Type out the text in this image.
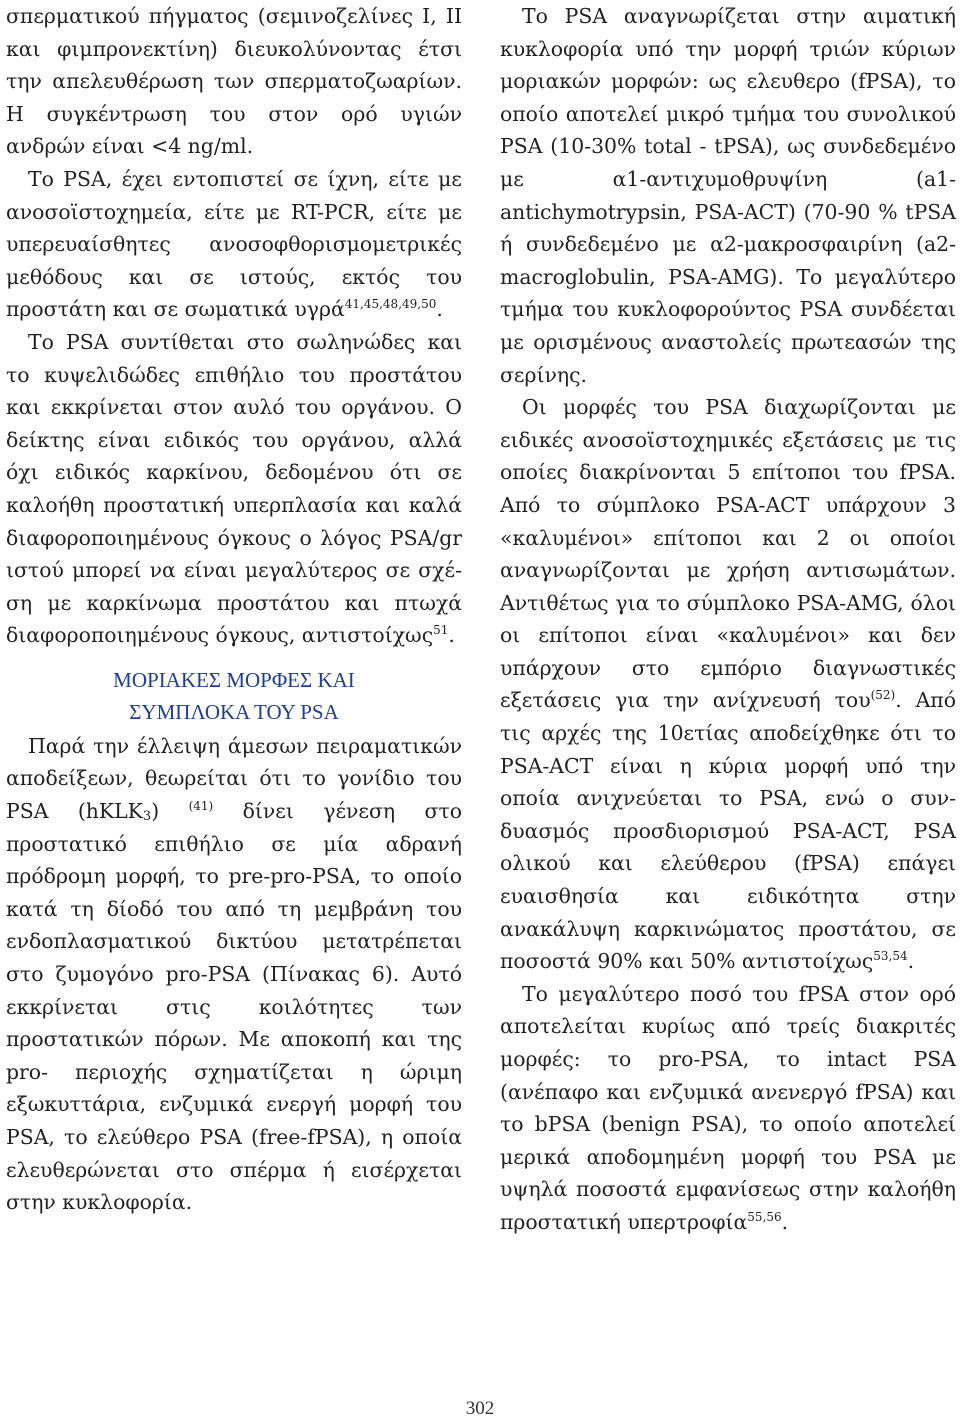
σπερματικού πήγματος (σεμινοζελίνες Ι, ΙΙ και φιμπρονεκτίνη) διευκολύνοντας έτσι την απελευθέρωση των σπερματοζωαρίων. Η συγκέντρωση του στον ορό υγιών ανδρών είναι <4 ng/ml.

Το PSA, έχει εντοπιστεί σε ίχνη, είτε με ανοσοϊστοχημεία, είτε με RT-PCR, είτε με υπερευαίσθητες ανοσοφθορισμομετρικές μεθόδους και σε ιστούς, εκτός του προστάτη και σε σωματικά υγρά$^{41,45,48,49,50}$.

Το PSA συντίθεται στο σωληνώδες και το κυψελιδώδες επιθήλιο του προστάτου και εκκρίνεται στον αυλό του οργάνου. Ο δείκτης είναι ειδικός του οργάνου, αλλά όχι ειδικός καρκίνου, δεδομένου ότι σε καλοήθη προστατική υπερπλασία και καλά διαφοροποιημένους όγκους ο λόγος PSA/gr ιστού μπορεί να είναι μεγαλύτερος σε σχέση με καρκίνωμα προστάτου και πτωχά διαφοροποιημένους όγκους, αντιστοίχως$^{51}$.

ΜΟΡΙΑΚΕΣ ΜΟΡΦΕΣ ΚΑΙ
ΣΥΜΠΛΟΚΑ ΤΟΥ PSA

Παρά την έλλειψη άμεσων πειραματικών αποδείξεων, θεωρείται ότι το γονίδιο του PSA (hKLK$_3$) $^{(41)}$ δίνει γένεση στο προστατικό επιθήλιο σε μία αδρανή πρόδρομη μορφή, το pre-pro-PSA, το οποίο κατά τη δίοδό του από τη μεμβράνη του ενδοπλασματικού δικτύου μετατρέπεται στο ζυμογόνο pro-PSA (Πίνακας 6). Αυτό εκκρίνεται στις κοιλότητες των προστατικών πόρων. Με αποκοπή και της pro- περιοχής σχηματίζεται η ώριμη εξωκυττάρια, ενζυμικά ενεργή μορφή του PSA, το ελεύθερο PSA (free-fPSA), η οποία ελευθερώνεται στο σπέρμα ή εισέρχεται στην κυκλοφορία.

Το PSA αναγνωρίζεται στην αιματική κυκλοφορία υπό την μορφή τριών κύριων μοριακών μορφών: ως ελευθερο (fPSA), το οποίο αποτελεί μικρό τμήμα του συνολικού PSA (10-30% total - tPSA), ως συνδεδεμένο με α1-αντιχυμοθρυψίνη (a1-antichymotrypsin, PSA-ACT) (70-90 % tPSA ή συνδεδεμένο με α2-μακροσφαιρίνη (a2-macroglobulin, PSA-AMG). Το μεγαλύτερο τμήμα του κυκλοφορούντος PSA συνδέεται με ορισμένους αναστολείς πρωτεασών της σερίνης.

Οι μορφές του PSA διαχωρίζονται με ειδικές ανοσοϊστοχημικές εξετάσεις με τις οποίες διακρίνονται 5 επίτοποι του fPSA. Από το σύμπλοκο PSA-ACT υπάρχουν 3 «καλυμένοι» επίτοποι και 2 οι οποίοι αναγνωρίζονται με χρήση αντισωμάτων. Αντιθέτως για το σύμπλοκο PSA-AMG, όλοι οι επίτοποι είναι «καλυμένοι» και δεν υπάρχουν στο εμπόριο διαγνωστικές εξετάσεις για την ανίχνευσή του$^{(52)}$. Από τις αρχές της 10ετίας αποδείχθηκε ότι το PSA-ACT είναι η κύρια μορφή υπό την οποία ανιχνεύεται το PSA, ενώ ο συνδυασμός προσδιορισμού PSA-ACT, PSA ολικού και ελεύθερου (fPSA) επάγει ευαισθησία και ειδικότητα στην ανακάλυψη καρκινώματος προστάτου, σε ποσοστά 90% και 50% αντιστοίχως$^{53,54}$.

Το μεγαλύτερο ποσό του fPSA στον ορό αποτελείται κυρίως από τρείς διακριτές μορφές: το pro-PSA, το intact PSA (ανέπαφο και ενζυμικά ανενεργό fPSA) και το bPSA (benign PSA), το οποίο αποτελεί μερικά αποδομημένη μορφή του PSA με υψηλά ποσοστά εμφανίσεως στην καλοήθη προστατική υπερτροφία$^{55,56}$.

302
